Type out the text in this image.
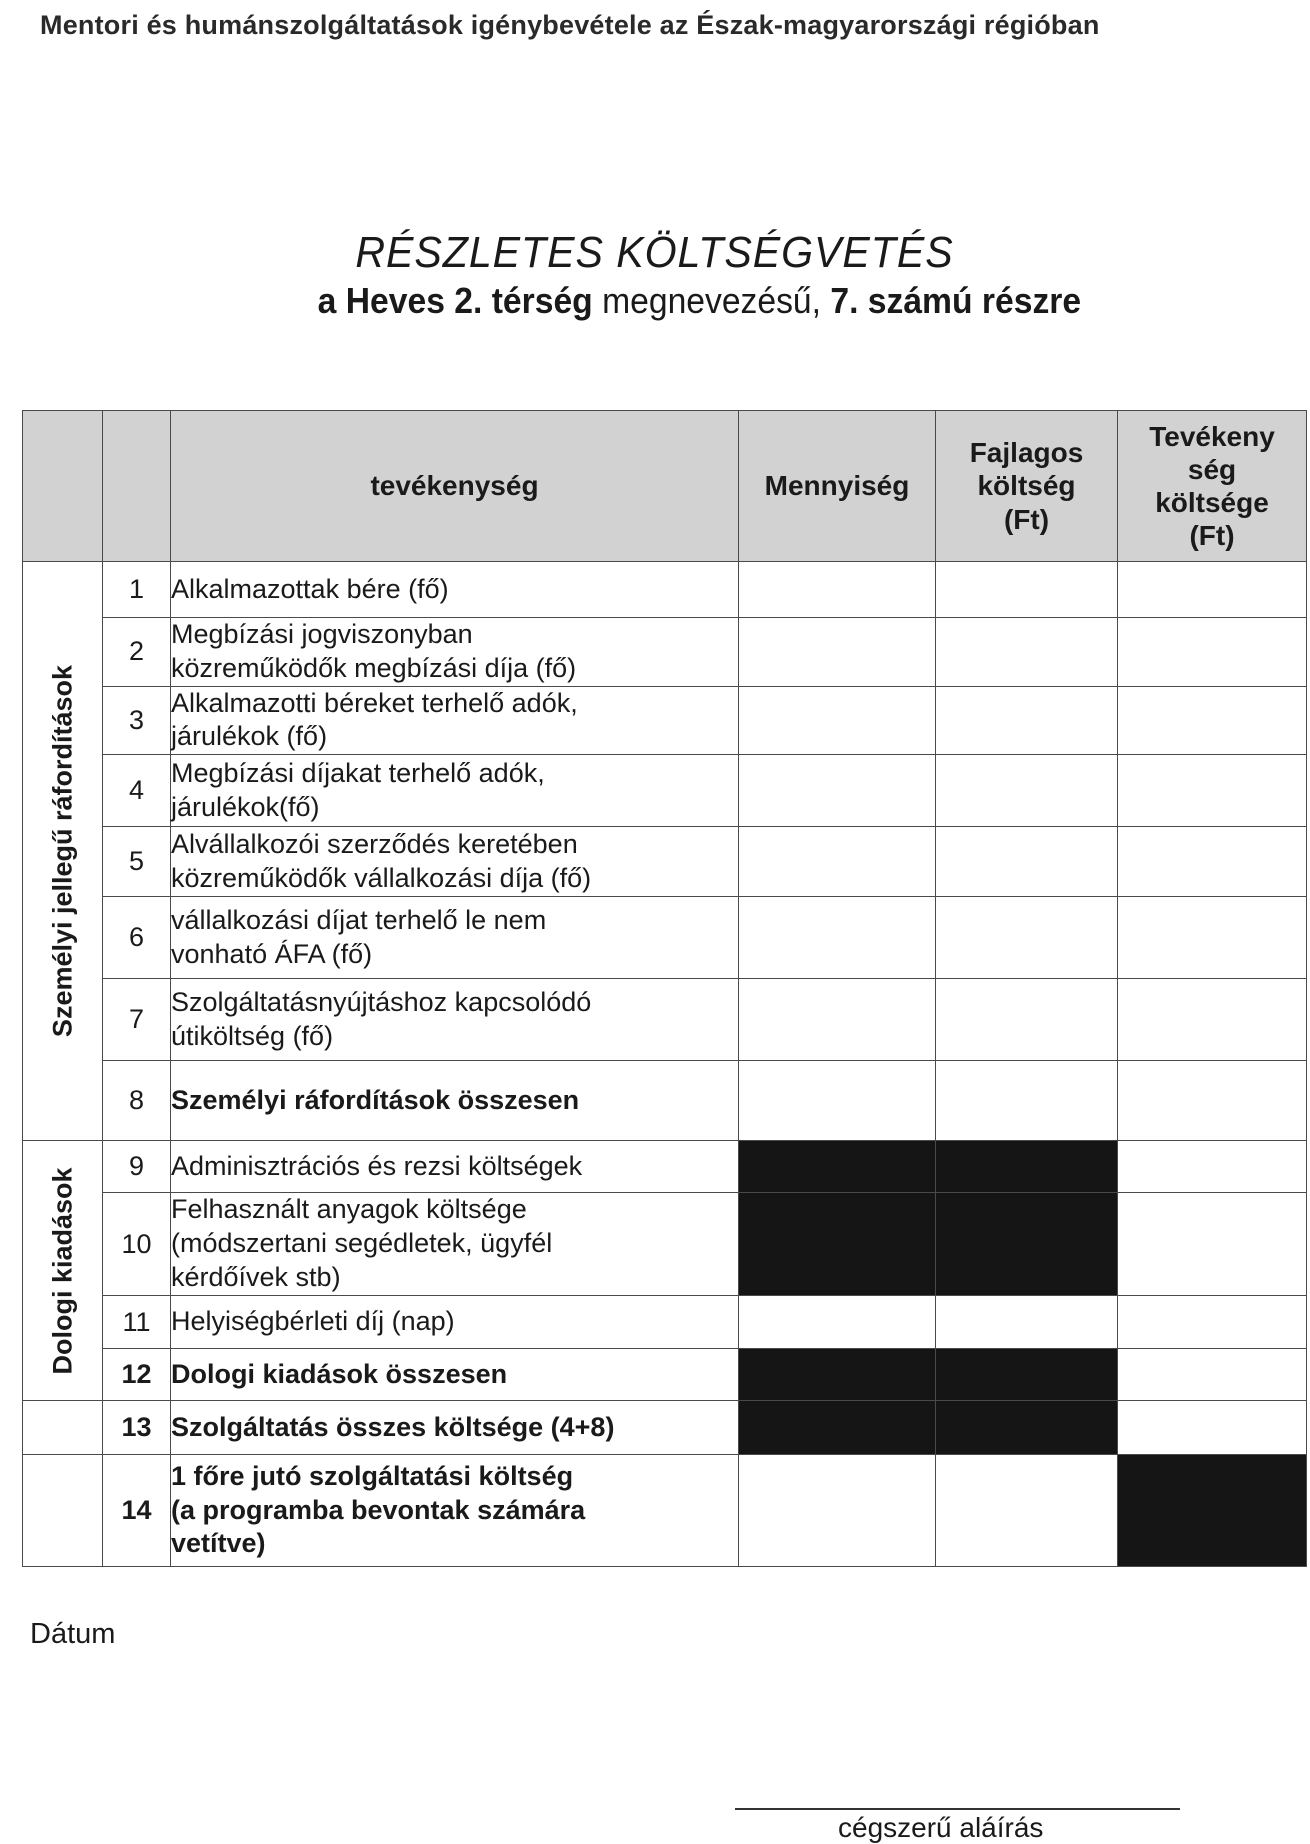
Mentori és humánszolgáltatások igénybevétele az Észak-magyarországi régióban
RÉSZLETES KÖLTSÉGVETÉS
a Heves 2. térség megnevezésű, 7. számú részre
		tevékenység	Mennyiség	Fajlagos
költség
(Ft)	Tevékeny
ség
költsége
(Ft)

Személyi jellegű ráfordítások	1	Alkalmazottak bére (fő)			
	2	Megbízási jogviszonyban
közreműködők megbízási díja (fő)			
	3	Alkalmazotti béreket terhelő adók,
járulékok (fő)			
	4	Megbízási díjakat terhelő adók,
járulékok(fő)			
	5	Alvállalkozói szerződés keretében
közreműködők vállalkozási díja (fő)			
	6	vállalkozási díjat terhelő le nem
vonható ÁFA (fő)			
	7	Szolgáltatásnyújtáshoz kapcsolódó
útiköltség (fő)			
	8	Személyi ráfordítások összesen			

Dologi kiadások	9	Adminisztrációs és rezsi költségek			
	10	Felhasznált anyagok költsége
(módszertani segédletek, ügyfél
kérdőívek stb)			
	11	Helyiségbérleti díj (nap)			
	12	Dologi kiadások összesen			
	13	Szolgáltatás összes költsége (4+8)			
	14	1 főre jutó szolgáltatási költség
(a programba bevontak számára
vetítve)			
Dátum
cégszerű aláírás
